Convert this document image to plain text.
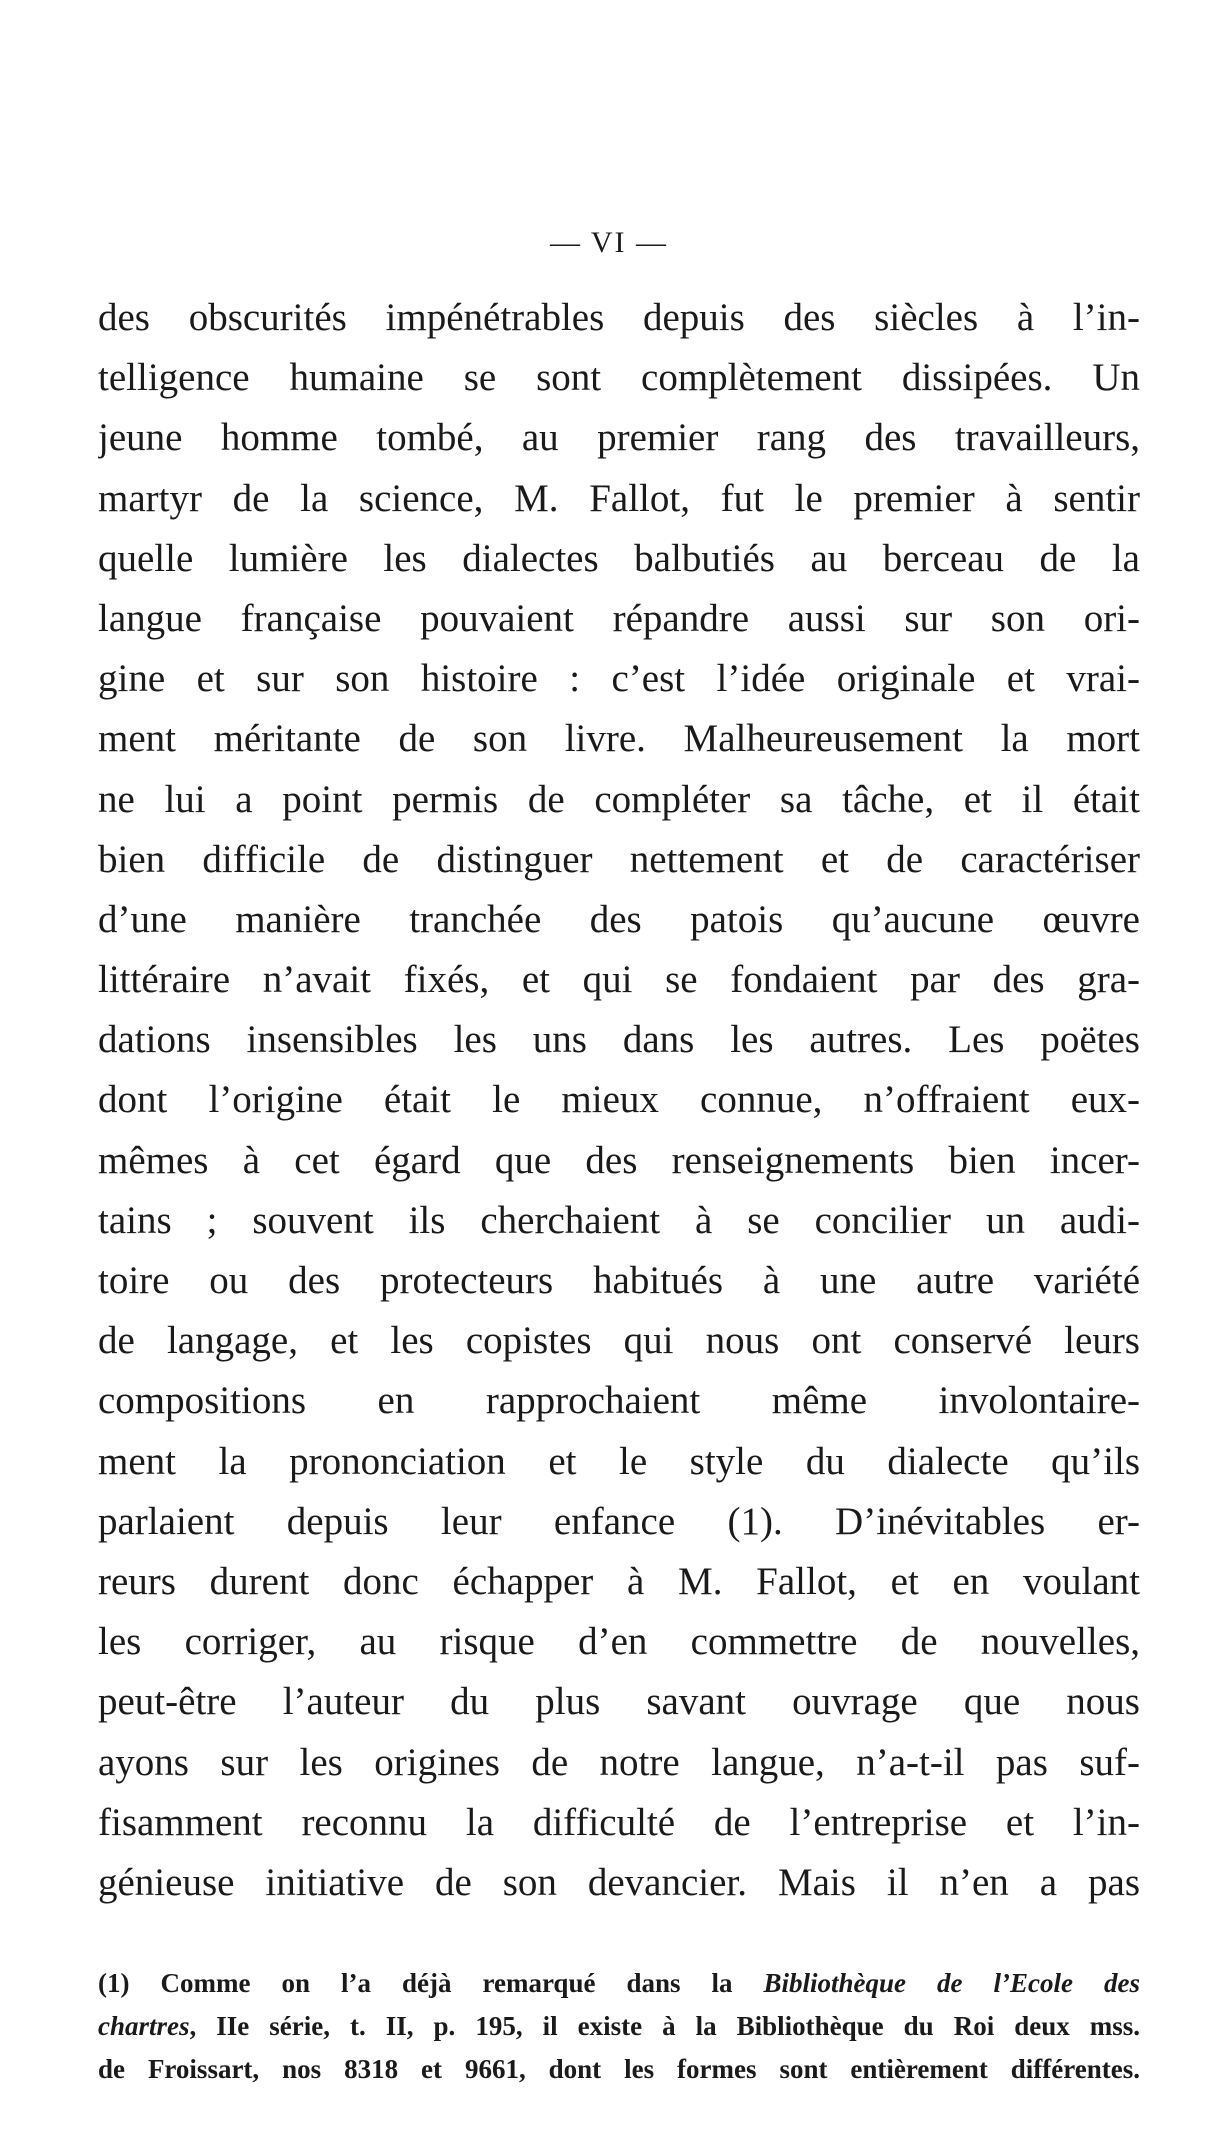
— VI —
des obscurités impénétrables depuis des siècles à l’in-
telligence humaine se sont complètement dissipées. Un
jeune homme tombé, au premier rang des travailleurs,
martyr de la science, M. Fallot, fut le premier à sentir
quelle lumière les dialectes balbutiés au berceau de la
langue française pouvaient répandre aussi sur son ori-
gine et sur son histoire : c’est l’idée originale et vrai-
ment méritante de son livre. Malheureusement la mort
ne lui a point permis de compléter sa tâche, et il était
bien difficile de distinguer nettement et de caractériser
d’une manière tranchée des patois qu’aucune œuvre
littéraire n’avait fixés, et qui se fondaient par des gra-
dations insensibles les uns dans les autres. Les poëtes
dont l’origine était le mieux connue, n’offraient eux-
mêmes à cet égard que des renseignements bien incer-
tains ; souvent ils cherchaient à se concilier un audi-
toire ou des protecteurs habitués à une autre variété
de langage, et les copistes qui nous ont conservé leurs
compositions en rapprochaient même involontaire-
ment la prononciation et le style du dialecte qu’ils
parlaient depuis leur enfance (1). D’inévitables er-
reurs durent donc échapper à M. Fallot, et en voulant
les corriger, au risque d’en commettre de nouvelles,
peut-être l’auteur du plus savant ouvrage que nous
ayons sur les origines de notre langue, n’a-t-il pas suf-
fisamment reconnu la difficulté de l’entreprise et l’in-
génieuse initiative de son devancier. Mais il n’en a pas
(1) Comme on l’a déjà remarqué dans la Bibliothèque de l’Ecole des
chartres, IIe série, t. II, p. 195, il existe à la Bibliothèque du Roi deux mss.
de Froissart, nos 8318 et 9661, dont les formes sont entièrement différentes.
